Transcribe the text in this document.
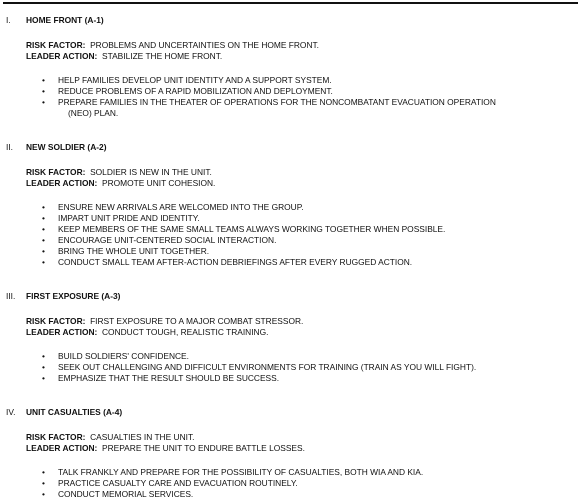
I. HOME FRONT (A-1)
RISK FACTOR: PROBLEMS AND UNCERTAINTIES ON THE HOME FRONT.
LEADER ACTION: STABILIZE THE HOME FRONT.
• HELP FAMILIES DEVELOP UNIT IDENTITY AND A SUPPORT SYSTEM.
• REDUCE PROBLEMS OF A RAPID MOBILIZATION AND DEPLOYMENT.
• PREPARE FAMILIES IN THE THEATER OF OPERATIONS FOR THE NONCOMBATANT EVACUATION OPERATION
(NEO) PLAN.
II. NEW SOLDIER (A-2)
RISK FACTOR: SOLDIER IS NEW IN THE UNIT.
LEADER ACTION: PROMOTE UNIT COHESION.
• ENSURE NEW ARRIVALS ARE WELCOMED INTO THE GROUP.
• IMPART UNIT PRIDE AND IDENTITY.
• KEEP MEMBERS OF THE SAME SMALL TEAMS ALWAYS WORKING TOGETHER WHEN POSSIBLE.
• ENCOURAGE UNIT-CENTERED SOCIAL INTERACTION.
• BRING THE WHOLE UNIT TOGETHER.
• CONDUCT SMALL TEAM AFTER-ACTION DEBRIEFINGS AFTER EVERY RUGGED ACTION.
III. FIRST EXPOSURE (A-3)
RISK FACTOR: FIRST EXPOSURE TO A MAJOR COMBAT STRESSOR.
LEADER ACTION: CONDUCT TOUGH, REALISTIC TRAINING.
• BUILD SOLDIERS' CONFIDENCE.
• SEEK OUT CHALLENGING AND DIFFICULT ENVIRONMENTS FOR TRAINING (TRAIN AS YOU WILL FIGHT).
• EMPHASIZE THAT THE RESULT SHOULD BE SUCCESS.
IV. UNIT CASUALTIES (A-4)
RISK FACTOR: CASUALTIES IN THE UNIT.
LEADER ACTION: PREPARE THE UNIT TO ENDURE BATTLE LOSSES.
• TALK FRANKLY AND PREPARE FOR THE POSSIBILITY OF CASUALTIES, BOTH WIA AND KIA.
• PRACTICE CASUALTY CARE AND EVACUATION ROUTINELY.
• CONDUCT MEMORIAL SERVICES.
